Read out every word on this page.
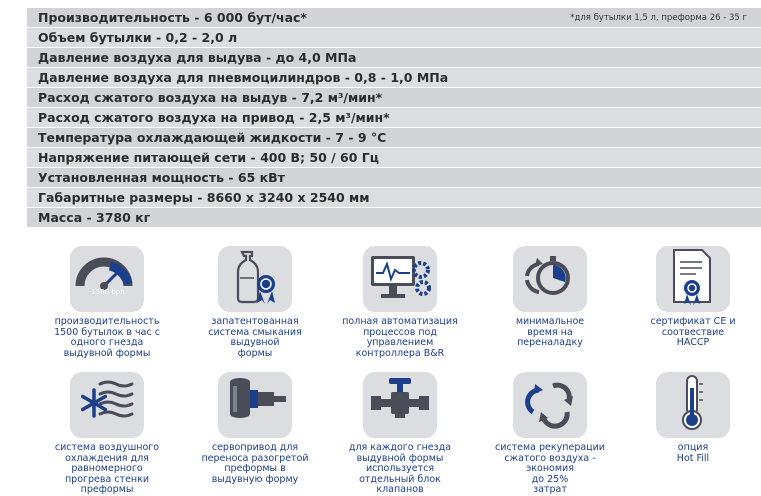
Производительность - 6 000 бут/час*	*для бутылки 1,5 л, преформа 26 - 35 г
Объем бутылки - 0,2 - 2,0 л
Давление воздуха для выдува - до 4,0 МПа
Давление воздуха для пневмоцилиндров - 0,8 - 1,0 МПа
Расход сжатого воздуха на выдув - 7,2 м³/мин*
Расход сжатого воздуха на привод - 2,5 м³/мин*
Температура охлаждающей жидкости - 7 - 9 °С
Напряжение питающей сети - 400 В; 50 / 60 Гц
Установленная мощность - 65 кВт
Габаритные размеры - 8660 х 3240 х 2540 мм
Масса - 3780 кг
1500 bph
производительность
1500 бутылок в час с
одного гнезда
выдувной формы
запатентованная
система смыкания
выдувной
формы
полная автоматизация
процессов под
управлением
контроллера B&R
минимальное
время на
переналадку
сертификат CE и
соотвествие
HACCP
система воздушного
охлаждения для
равномерного
прогрева стенки
преформы
сервопривод для
переноса разогретой
преформы в
выдувную форму
для каждого гнезда
выдувной формы
используется
отдельный блок
клапанов
система рекуперации
сжатого воздуха -
экономия
до 25%
затрат
опция
Hot Fill
